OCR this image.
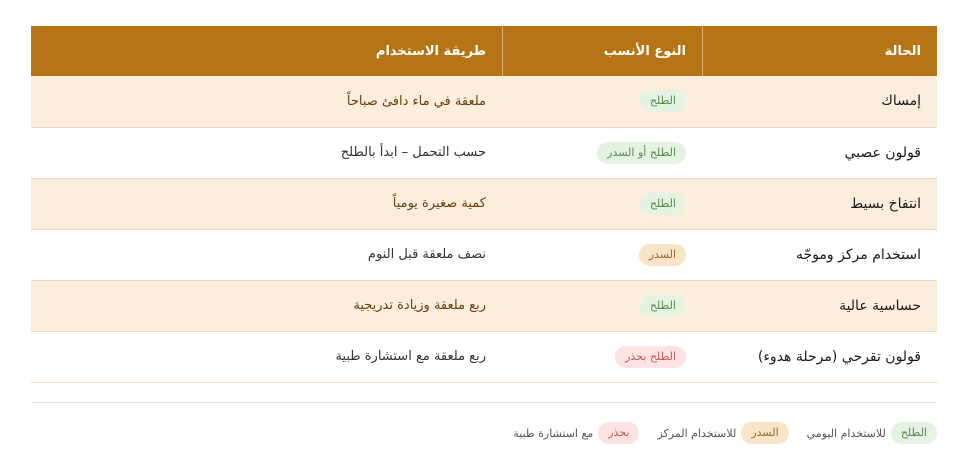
الحالة	النوع الأنسب	طريقة الاستخدام
إمساك	الطلح	ملعقة في ماء دافئ صباحاً
قولون عصبي	الطلح أو السدر	حسب التحمل – ابدأ بالطلح
انتفاخ بسيط	الطلح	كمية صغيرة يومياً
استخدام مركز وموجّه	السدر	نصف ملعقة قبل النوم
حساسية عالية	الطلح	ربع ملعقة وزيادة تدريجية
قولون تقرحي (مرحلة هدوء)	الطلح بحذر	ربع ملعقة مع استشارة طبية
الطلح
للاستخدام اليومي
السدر
للاستخدام المركز
بحذر
مع استشارة طبية
